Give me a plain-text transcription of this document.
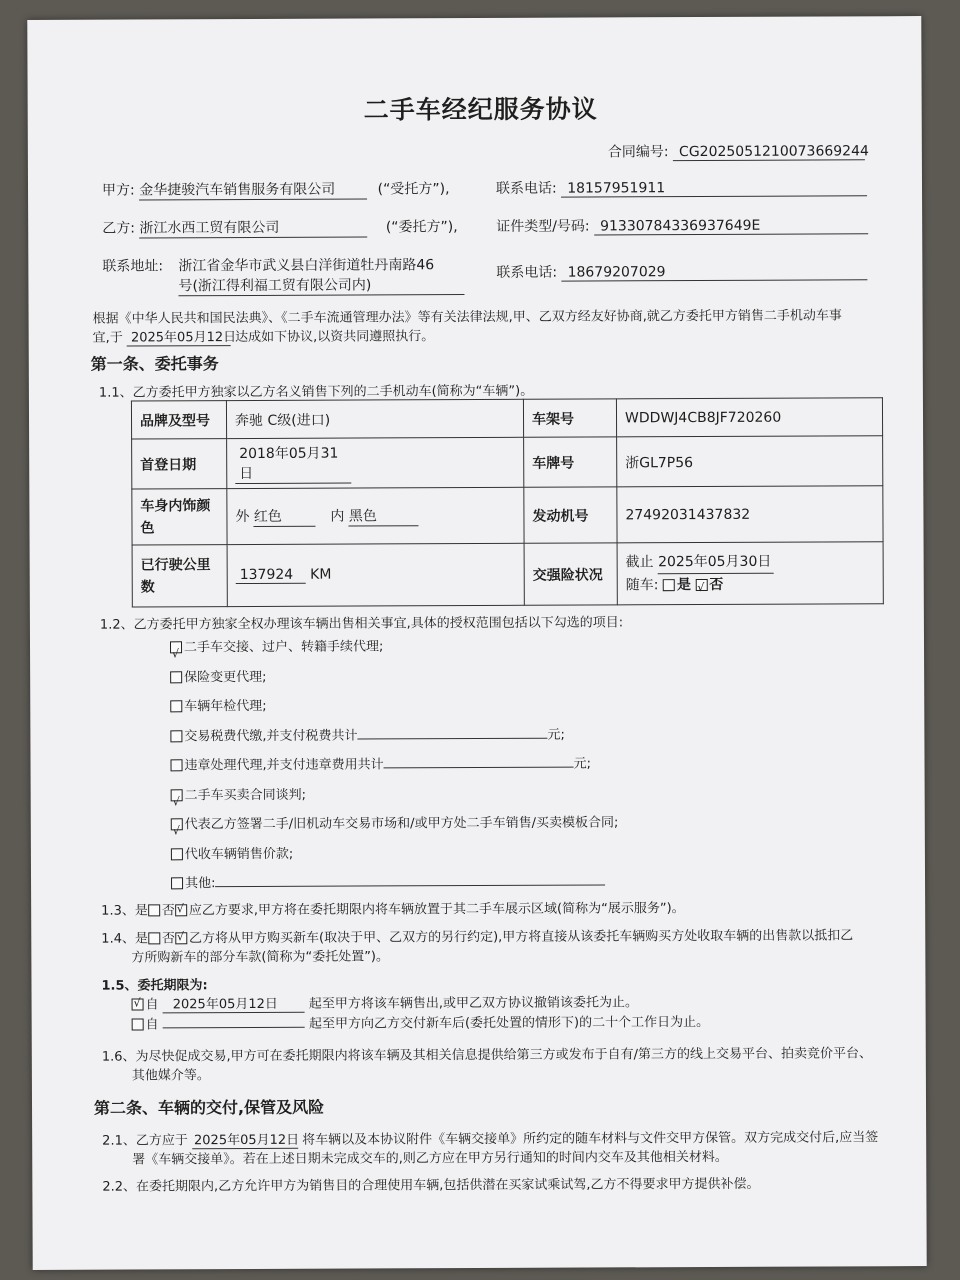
二手车经纪服务协议
合同编号: CG2025051210073669244
甲方: 金华捷骏汽车销售服务有限公司	(“受托方”),	联系电话: 18157951911
乙方: 浙江水西工贸有限公司	(“委托方”),	证件类型/号码: 91330784336937649E
联系地址: 浙江省金华市武义县白洋街道牡丹南路46
号(浙江得利福工贸有限公司内)
联系电话: 18679207029
根据《中华人民共和国民法典》、《二手车流通管理办法》等有关法律法规,甲、乙双方经友好协商,就乙方委托甲方销售二手机动车事
宜,于 2025年05月12日 达成如下协议,以资共同遵照执行。
第一条、委托事务
1.1、乙方委托甲方独家以乙方名义销售下列的二手机动车(简称为“车辆”)。
品牌及型号	奔驰 C级(进口)	车架号	WDDWJ4CB8JF720260
首登日期	2018年05月31日	车牌号	浙GL7P56
车身内饰颜色	外 红色 内 黑色	发动机号	27492031437832
已行驶公里数	137924 KM	交强险状况	截止 2025年05月30日
随车: 是 √ 否
1.2、乙方委托甲方独家全权办理该车辆出售相关事宜,具体的授权范围包括以下勾选的项目:
√二手车交接、过户、转籍手续代理;
保险变更代理;
车辆年检代理;
交易税费代缴,并支付税费共计	元;
违章处理代理,并支付违章费用共计	元;
√二手车买卖合同谈判;
√代表乙方签署二手/旧机动车交易市场和/或甲方处二手车销售/买卖模板合同;
代收车辆销售价款;
其他:
1.3、是 否 √ 应乙方要求,甲方将在委托期限内将车辆放置于其二手车展示区域(简称为“展示服务”)。
1.4、是 否 √ 乙方将从甲方购买新车(取决于甲、乙双方的另行约定),甲方将直接从该委托车辆购买方处收取车辆的出售款以抵扣乙
方所购新车的部分车款(简称为“委托处置”)。
1.5、委托期限为:
√自 2025年05月12日 起至甲方将该车辆售出,或甲乙双方协议撤销该委托为止。
自	起至甲方向乙方交付新车后(委托处置的情形下)的二十个工作日为止。
1.6、为尽快促成交易,甲方可在委托期限内将该车辆及其相关信息提供给第三方或发布于自有/第三方的线上交易平台、拍卖竞价平台、
其他媒介等。
第二条、车辆的交付,保管及风险
2.1、乙方应于 2025年05月12日 将车辆以及本协议附件《车辆交接单》所约定的随车材料与文件交甲方保管。双方完成交付后,应当签
署《车辆交接单》。若在上述日期未完成交车的,则乙方应在甲方另行通知的时间内交车及其他相关材料。
2.2、在委托期限内,乙方允许甲方为销售目的合理使用车辆,包括供潜在买家试乘试驾,乙方不得要求甲方提供补偿。
